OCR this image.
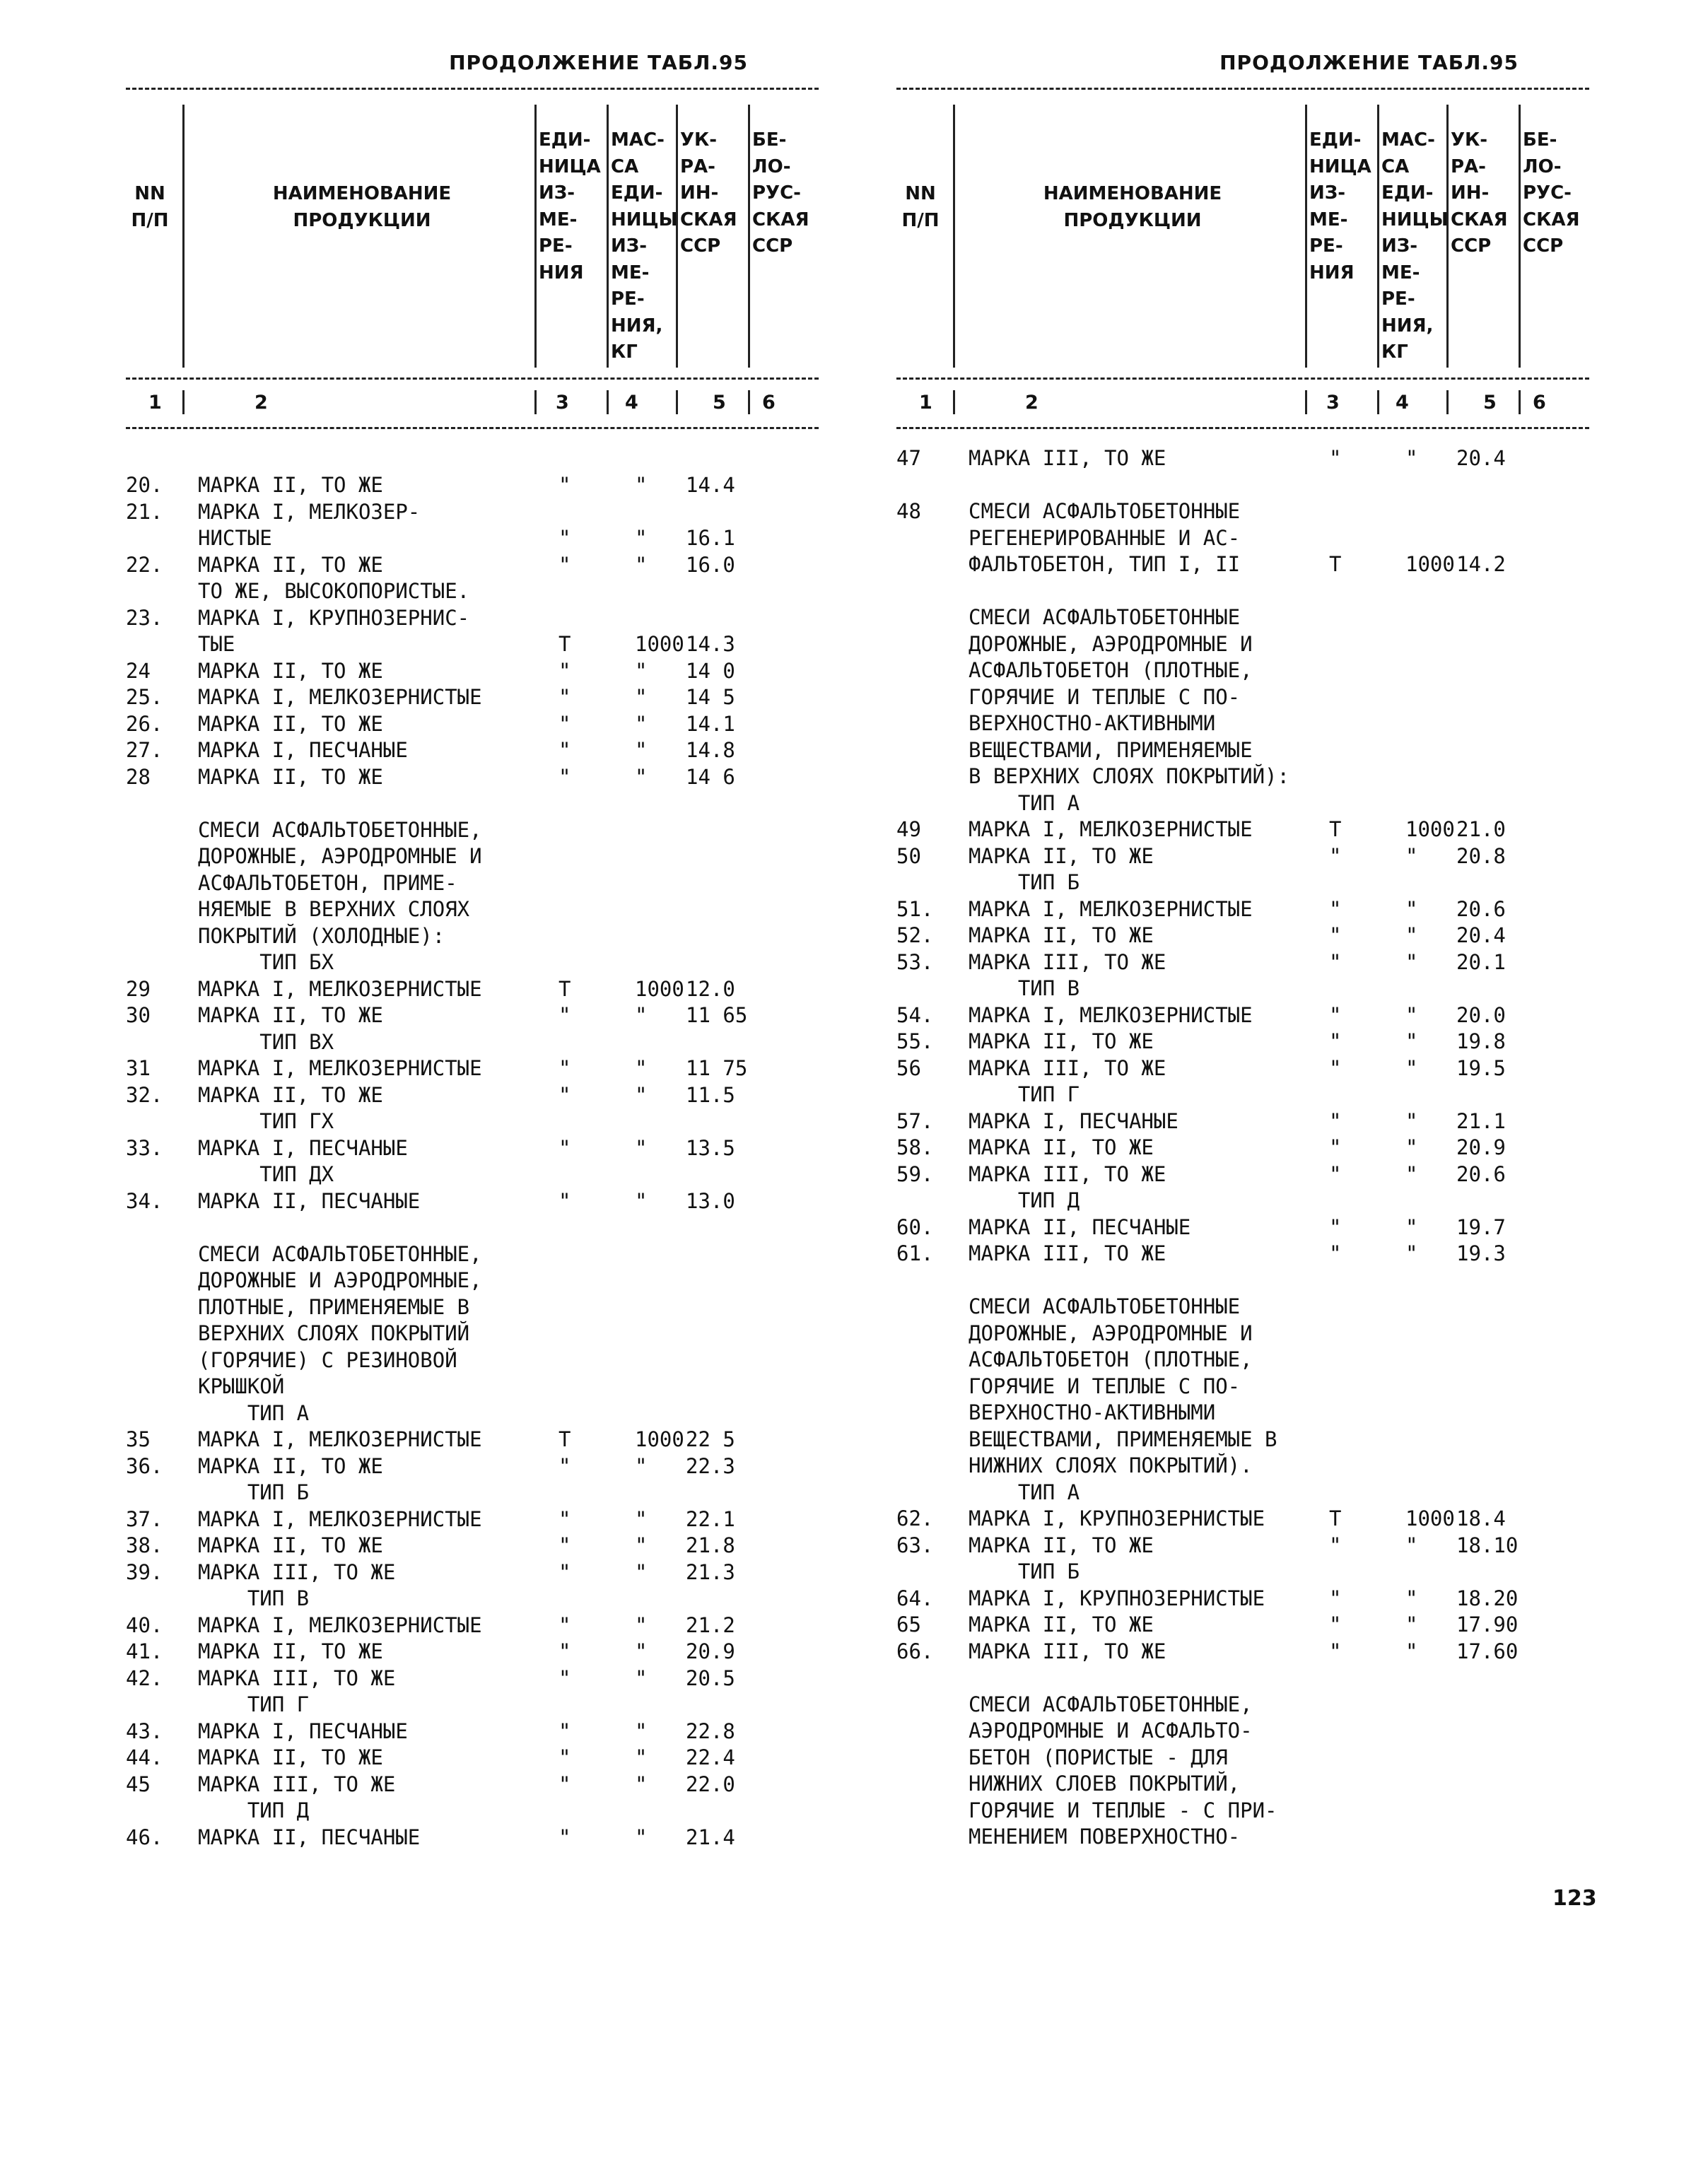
ПРОДОЛЖЕНИЕ ТАБЛ.95
NN
П/П
НАИМЕНОВАНИЕ
ПРОДУКЦИИ
ЕДИ-
НИЦА
ИЗ-
МЕ-
РЕ-
НИЯ
МАС-
СА
ЕДИ-
НИЦЫ
ИЗ-
МЕ-
РЕ-
НИЯ,
КГ
УК-
РА-
ИН-
СКАЯ
ССР
БЕ-
ЛО-
РУС-
СКАЯ
ССР
1	2	3	4	5 6
20. МАРКА II, ТО ЖЕ	"	" 14.4
21. МАРКА I, МЕЛКОЗЕР-
НИСТЫЕ	"	" 16.1
22. МАРКА II, ТО ЖЕ	"	" 16.0
ТО ЖЕ, ВЫСОКОПОРИСТЫЕ.
23. МАРКА I, КРУПНОЗЕРНИС-
ТЫЕ	Т	1000 14.3
24 МАРКА II, ТО ЖЕ	"	" 14 0
25. МАРКА I, МЕЛКОЗЕРНИСТЫЕ	"	" 14 5
26. МАРКА II, ТО ЖЕ	"	" 14.1
27. МАРКА I, ПЕСЧАНЫЕ	"	" 14.8
28 МАРКА II, ТО ЖЕ	"	" 14 6
СМЕСИ АСФАЛЬТОБЕТОННЫЕ,
ДОРОЖНЫЕ, АЭРОДРОМНЫЕ И
АСФАЛЬТОБЕТОН, ПРИМЕ-
НЯЕМЫЕ В ВЕРХНИХ СЛОЯХ
ПОКРЫТИЙ (ХОЛОДНЫЕ):
ТИП БХ
29 МАРКА I, МЕЛКОЗЕРНИСТЫЕ	Т	1000 12.0
30 МАРКА II, ТО ЖЕ	"	" 11 65
ТИП ВХ
31 МАРКА I, МЕЛКОЗЕРНИСТЫЕ	"	" 11 75
32. МАРКА II, ТО ЖЕ	"	" 11.5
ТИП ГХ
33. МАРКА I, ПЕСЧАНЫЕ	"	" 13.5
ТИП ДХ
34. МАРКА II, ПЕСЧАНЫЕ	"	" 13.0
СМЕСИ АСФАЛЬТОБЕТОННЫЕ,
ДОРОЖНЫЕ И АЭРОДРОМНЫЕ,
ПЛОТНЫЕ, ПРИМЕНЯЕМЫЕ В
ВЕРХНИХ СЛОЯХ ПОКРЫТИЙ
(ГОРЯЧИЕ) С РЕЗИНОВОЙ
КРЫШКОЙ
ТИП А
35 МАРКА I, МЕЛКОЗЕРНИСТЫЕ	Т	1000 22 5
36. МАРКА II, ТО ЖЕ	"	" 22.3
ТИП Б
37. МАРКА I, МЕЛКОЗЕРНИСТЫЕ	"	" 22.1
38. МАРКА II, ТО ЖЕ	"	" 21.8
39. МАРКА III, ТО ЖЕ	"	" 21.3
ТИП В
40. МАРКА I, МЕЛКОЗЕРНИСТЫЕ	"	" 21.2
41. МАРКА II, ТО ЖЕ	"	" 20.9
42. МАРКА III, ТО ЖЕ	"	" 20.5
ТИП Г
43. МАРКА I, ПЕСЧАНЫЕ	"	" 22.8
44. МАРКА II, ТО ЖЕ	"	" 22.4
45 МАРКА III, ТО ЖЕ	"	" 22.0
ТИП Д
46. МАРКА II, ПЕСЧАНЫЕ	"	" 21.4
ПРОДОЛЖЕНИЕ ТАБЛ.95
NN
П/П
НАИМЕНОВАНИЕ
ПРОДУКЦИИ
ЕДИ-
НИЦА
ИЗ-
МЕ-
РЕ-
НИЯ
МАС-
СА
ЕДИ-
НИЦЫ
ИЗ-
МЕ-
РЕ-
НИЯ,
КГ
УК-
РА-
ИН-
СКАЯ
ССР
БЕ-
ЛО-
РУС-
СКАЯ
ССР
1	2	3	4	5 6
47 МАРКА III, ТО ЖЕ	"	" 20.4
48 СМЕСИ АСФАЛЬТОБЕТОННЫЕ
РЕГЕНЕРИРОВАННЫЕ И АС-
ФАЛЬТОБЕТОН, ТИП I, II	Т	1000 14.2
СМЕСИ АСФАЛЬТОБЕТОННЫЕ
ДОРОЖНЫЕ, АЭРОДРОМНЫЕ И
АСФАЛЬТОБЕТОН (ПЛОТНЫЕ,
ГОРЯЧИЕ И ТЕПЛЫЕ С ПО-
ВЕРХНОСТНО-АКТИВНЫМИ
ВЕЩЕСТВАМИ, ПРИМЕНЯЕМЫЕ
В ВЕРХНИХ СЛОЯХ ПОКРЫТИЙ):
ТИП А
49 МАРКА I, МЕЛКОЗЕРНИСТЫЕ	Т	1000 21.0
50 МАРКА II, ТО ЖЕ	"	" 20.8
ТИП Б
51. МАРКА I, МЕЛКОЗЕРНИСТЫЕ	"	" 20.6
52. МАРКА II, ТО ЖЕ	"	" 20.4
53. МАРКА III, ТО ЖЕ	"	" 20.1
ТИП В
54. МАРКА I, МЕЛКОЗЕРНИСТЫЕ	"	" 20.0
55. МАРКА II, ТО ЖЕ	"	" 19.8
56 МАРКА III, ТО ЖЕ	"	" 19.5
ТИП Г
57. МАРКА I, ПЕСЧАНЫЕ	"	" 21.1
58. МАРКА II, ТО ЖЕ	"	" 20.9
59. МАРКА III, ТО ЖЕ	"	" 20.6
ТИП Д
60. МАРКА II, ПЕСЧАНЫЕ	"	" 19.7
61. МАРКА III, ТО ЖЕ	"	" 19.3
СМЕСИ АСФАЛЬТОБЕТОННЫЕ
ДОРОЖНЫЕ, АЭРОДРОМНЫЕ И
АСФАЛЬТОБЕТОН (ПЛОТНЫЕ,
ГОРЯЧИЕ И ТЕПЛЫЕ С ПО-
ВЕРХНОСТНО-АКТИВНЫМИ
ВЕЩЕСТВАМИ, ПРИМЕНЯЕМЫЕ В
НИЖНИХ СЛОЯХ ПОКРЫТИЙ).
ТИП А
62. МАРКА I, КРУПНОЗЕРНИСТЫЕ	Т	1000 18.4
63. МАРКА II, ТО ЖЕ	"	" 18.10
ТИП Б
64. МАРКА I, КРУПНОЗЕРНИСТЫЕ	"	" 18.20
65 МАРКА II, ТО ЖЕ	"	" 17.90
66. МАРКА III, ТО ЖЕ	"	" 17.60
СМЕСИ АСФАЛЬТОБЕТОННЫЕ,
АЭРОДРОМНЫЕ И АСФАЛЬТО-
БЕТОН (ПОРИСТЫЕ - ДЛЯ
НИЖНИХ СЛОЕВ ПОКРЫТИЙ,
ГОРЯЧИЕ И ТЕПЛЫЕ - С ПРИ-
МЕНЕНИЕМ ПОВЕРХНОСТНО-
123
